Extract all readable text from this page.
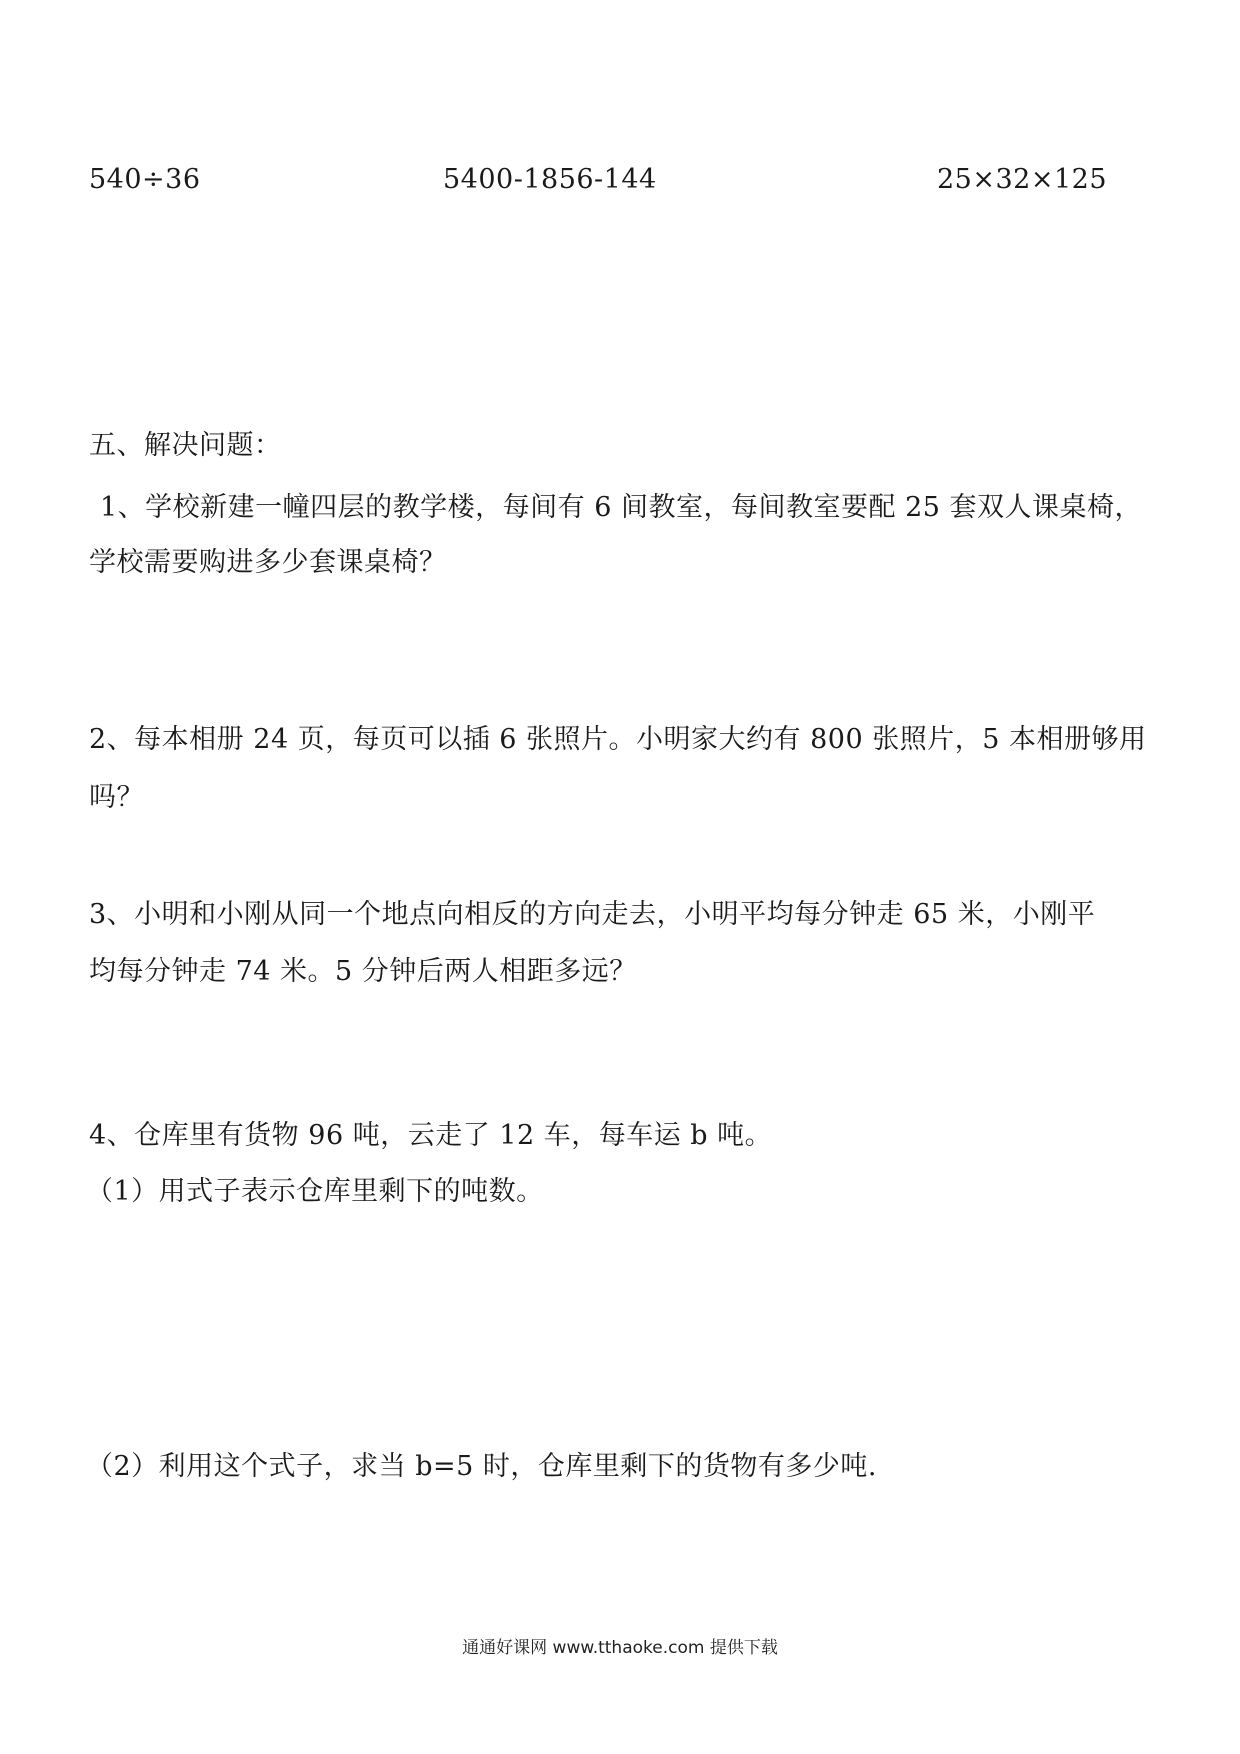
540÷36	5400-1856-144	25×32×125
五、解决问题：
1、学校新建一幢四层的教学楼，每间有 6 间教室，每间教室要配 25 套双人课桌椅，
学校需要购进多少套课桌椅？
2、每本相册 24 页，每页可以插 6 张照片。小明家大约有 800 张照片，5 本相册够用
吗？
3、小明和小刚从同一个地点向相反的方向走去，小明平均每分钟走 65 米，小刚平
均每分钟走 74 米。5 分钟后两人相距多远？
4、仓库里有货物 96 吨，云走了 12 车，每车运 b 吨。
（1）用式子表示仓库里剩下的吨数。
（2）利用这个式子，求当 b=5 时，仓库里剩下的货物有多少吨.
通通好课网 www.tthaoke.com 提供下载
